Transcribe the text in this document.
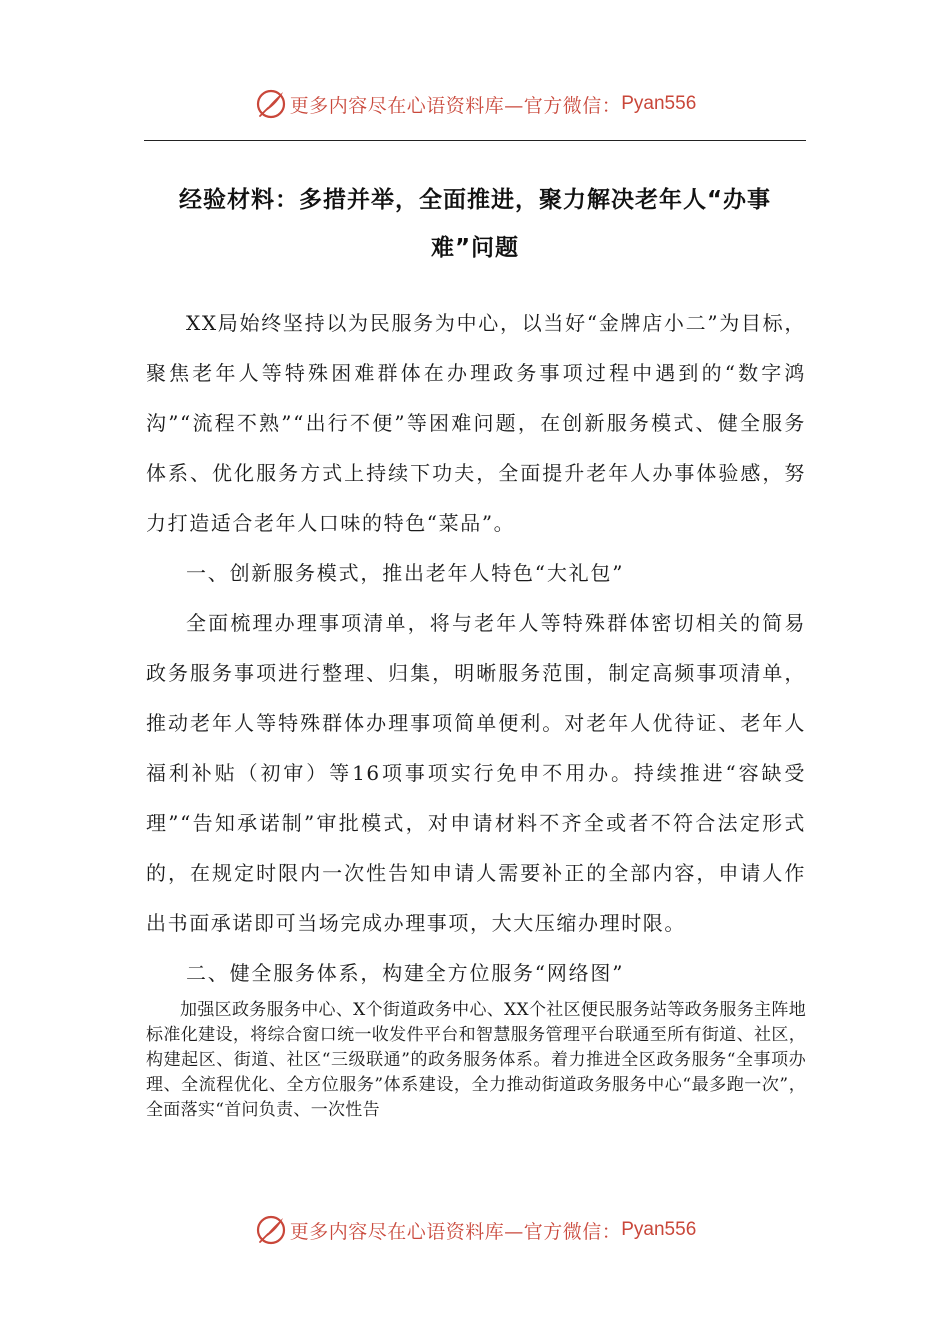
更多内容尽在心语资料库—官方微信： Pyan556
经验材料：多措并举，全面推进，聚力解决老年人“办事难”问题

XX局始终坚持以为民服务为中心，以当好“金牌店小二”为目标，聚焦老年人等特殊困难群体在办理政务事项过程中遇到的“数字鸿沟”“流程不熟”“出行不便”等困难问题，在创新服务模式、健全服务体系、优化服务方式上持续下功夫，全面提升老年人办事体验感，努力打造适合老年人口味的特色“菜品”。

一、创新服务模式，推出老年人特色“大礼包”

全面梳理办理事项清单，将与老年人等特殊群体密切相关的简易政务服务事项进行整理、归集，明晰服务范围，制定高频事项清单，推动老年人等特殊群体办理事项简单便利。对老年人优待证、老年人福利补贴（初审）等16项事项实行免申不用办。持续推进“容缺受理”“告知承诺制”审批模式，对申请材料不齐全或者不符合法定形式的，在规定时限内一次性告知申请人需要补正的全部内容，申请人作出书面承诺即可当场完成办理事项，大大压缩办理时限。

二、健全服务体系，构建全方位服务“网络图”

加强区政务服务中心、X个街道政务中心、XX个社区便民服务站等政务服务主阵地标准化建设，将综合窗口统一收发件平台和智慧服务管理平台联通至所有街道、社区，构建起区、街道、社区“三级联通”的政务服务体系。着力推进全区政务服务“全事项办理、全流程优化、全方位服务”体系建设，全力推动街道政务服务中心“最多跑一次”，全面落实“首问负责、一次性告

更多内容尽在心语资料库—官方微信： Pyan556
